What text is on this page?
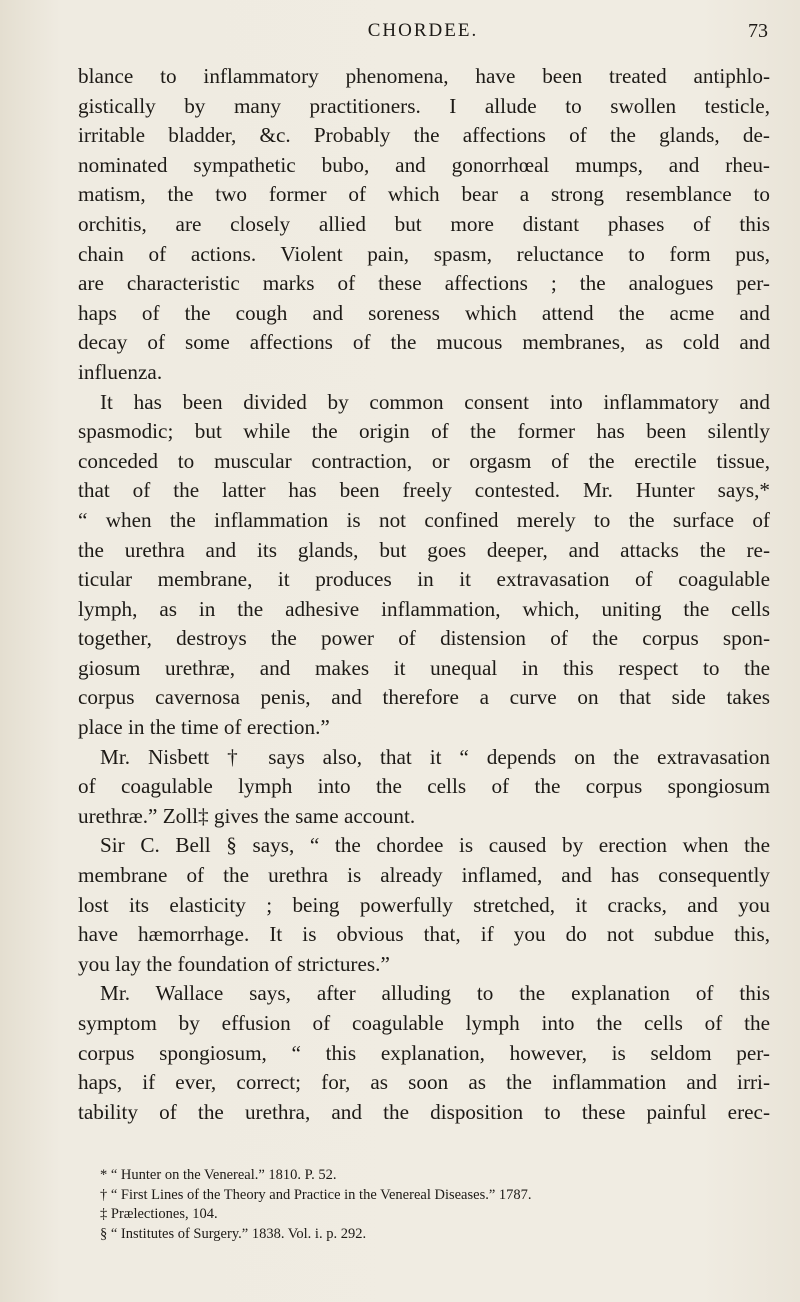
CHORDEE.	73

blance to inflammatory phenomena, have been treated antiphlo-

gistically by many practitioners. I allude to swollen testicle,

irritable bladder, &c. Probably the affections of the glands, de-

nominated sympathetic bubo, and gonorrhœal mumps, and rheu-

matism, the two former of which bear a strong resemblance to

orchitis, are closely allied but more distant phases of this

chain of actions. Violent pain, spasm, reluctance to form pus,

are characteristic marks of these affections ; the analogues per-

haps of the cough and soreness which attend the acme and

decay of some affections of the mucous membranes, as cold and

influenza.

It has been divided by common consent into inflammatory and

spasmodic; but while the origin of the former has been silently

conceded to muscular contraction, or orgasm of the erectile tissue,

that of the latter has been freely contested. Mr. Hunter says,*

“ when the inflammation is not confined merely to the surface of

the urethra and its glands, but goes deeper, and attacks the re-

ticular membrane, it produces in it extravasation of coagulable

lymph, as in the adhesive inflammation, which, uniting the cells

together, destroys the power of distension of the corpus spon-

giosum urethræ, and makes it unequal in this respect to the

corpus cavernosa penis, and therefore a curve on that side takes

place in the time of erection.”

Mr. Nisbett † says also, that it “ depends on the extravasation

of coagulable lymph into the cells of the corpus spongiosum

urethræ.” Zoll‡ gives the same account.

Sir C. Bell § says, “ the chordee is caused by erection when the

membrane of the urethra is already inflamed, and has consequently

lost its elasticity ; being powerfully stretched, it cracks, and you

have hæmorrhage. It is obvious that, if you do not subdue this,

you lay the foundation of strictures.”

Mr. Wallace says, after alluding to the explanation of this

symptom by effusion of coagulable lymph into the cells of the

corpus spongiosum, “ this explanation, however, is seldom per-

haps, if ever, correct; for, as soon as the inflammation and irri-

tability of the urethra, and the disposition to these painful erec-

* “ Hunter on the Venereal.” 1810. P. 52.

† “ First Lines of the Theory and Practice in the Venereal Diseases.” 1787.

‡ Prælectiones, 104.

§ “ Institutes of Surgery.” 1838. Vol. i. p. 292.
